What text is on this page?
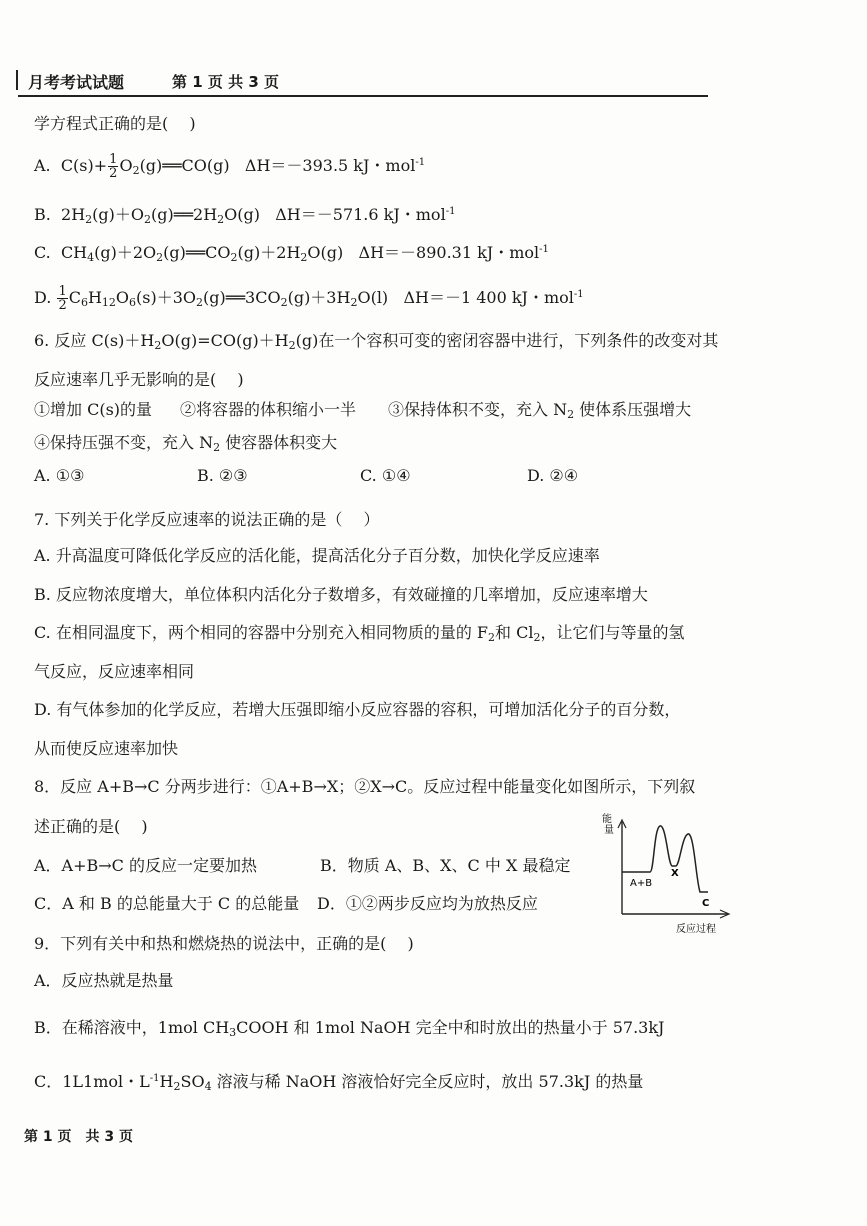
月考考试试题	第 1 页 共 3 页
学方程式正确的是(　 )
A. $C(s)+ \frac{1}{2}$ $O_2(g)══CO(g)$ ΔH＝－393.5 kJ・mol$^{-1}$
B. $2H_2(g)+O_2(g)══2H_2O(g)$ ΔH＝－571.6 kJ・mol$^{-1}$
C. $CH_4(g)+2O_2(g)══CO_2(g)+2H_2O(g)$ ΔH＝－890.31 kJ・mol$^{-1}$
D. $\frac{1}{2}$ $C_6H_{12}O_6(s)+3O_2(g)══3CO_2(g)+3H_2O(l)$ ΔH＝－1 400 kJ・mol$^{-1}$
6. 反应 $C(s)+H_2O(g)=CO(g)+H_2(g)$在一个容积可变的密闭容器中进行，下列条件的改变对其
反应速率几乎无影响的是(　 )
①增加 C(s)的量 ②将容器的体积缩小一半 ③保持体积不变，充入 $N_2$ 使体系压强增大
④保持压强不变，充入 $N_2$ 使容器体积变大
A. ①③	B. ②③	C. ①④	D. ②④
7. 下列关于化学反应速率的说法正确的是（　 ）
A. 升高温度可降低化学反应的活化能，提高活化分子百分数，加快化学反应速率
B. 反应物浓度增大，单位体积内活化分子数增多，有效碰撞的几率增加，反应速率增大
C. 在相同温度下，两个相同的容器中分别充入相同物质的量的 $F_2$和 $Cl_2$，让它们与等量的氢
气反应，反应速率相同
D. 有气体参加的化学反应，若增大压强即缩小反应容器的容积，可增加活化分子的百分数，
从而使反应速率加快
8．反应 A+B→C 分两步进行：①A+B→X；②X→C。反应过程中能量变化如图所示，下列叙
述正确的是(　 )
A．A+B→C 的反应一定要加热	B．物质 A、B、X、C 中 X 最稳定
C．A 和 B 的总能量大于 C 的总能量 D．①②两步反应均为放热反应
能
量
A+B
X
C
反应过程
9．下列有关中和热和燃烧热的说法中，正确的是(　 )
A．反应热就是热量
B．在稀溶液中，1mol $CH_3COOH$ 和 1mol NaOH 完全中和时放出的热量小于 57.3kJ
C．1L1mol・$L^{-1}H_2SO_4$ 溶液与稀 NaOH 溶液恰好完全反应时，放出 57.3kJ 的热量
第 1 页　共 3 页
